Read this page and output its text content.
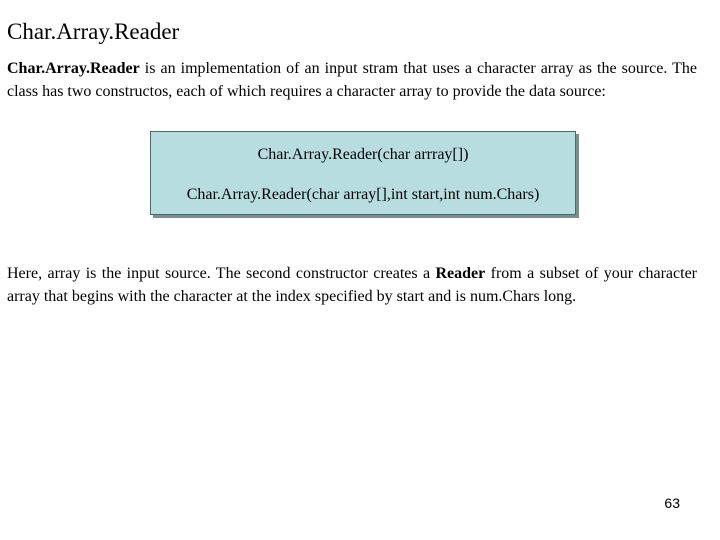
Char.Array.Reader
Char.Array.Reader is an implementation of an input stram that uses a character array as the source. The class has two constructos, each of which requires a character array to provide the data source:
Char.Array.Reader(char arrray[])
Char.Array.Reader(char array[],int start,int num.Chars)
Here, array is the input source. The second constructor creates a Reader from a subset of your character array that begins with the character at the index specified by start and is num.Chars long.
63
